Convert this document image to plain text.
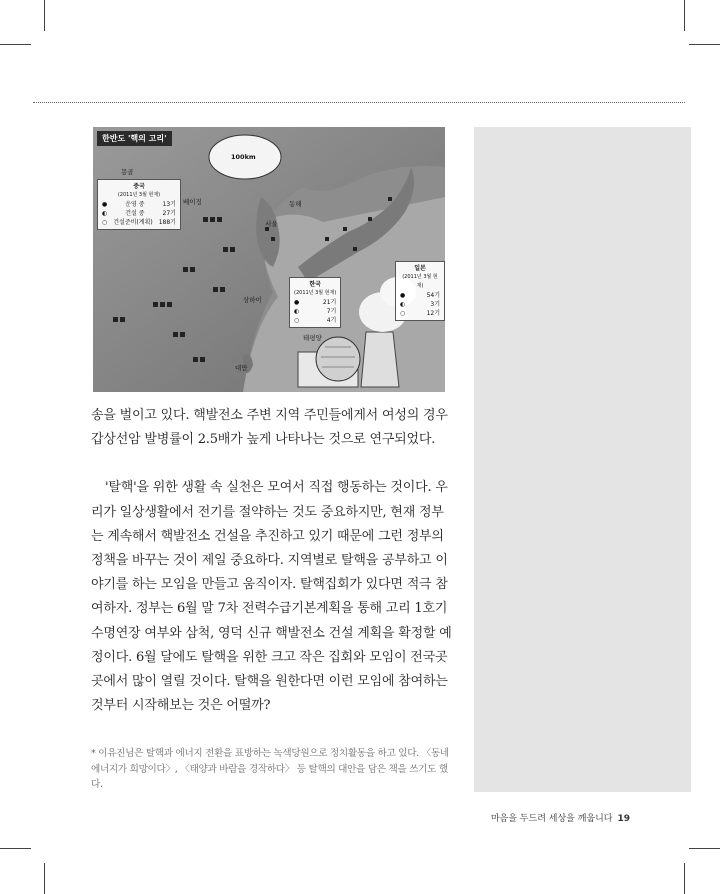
한반도 '핵의 고리'
100km
몽골
베이징
서울
동해
상하이
대만
태평양
중국
(2011년 3월 현재)
●	운영 중	13기
◐	건설 중	27기
○ 건설준비(계획) 188기
한국
(2011년 3월 현재)
●	21기
◐	7기
○	4기
일본
(2011년 3월 현재)
●	54기
◐	3기
○	12기

송을 벌이고 있다. 핵발전소 주변 지역 주민들에게서 여성의 경우 갑상선암 발병률이 2.5배가 높게 나타나는 것으로 연구되었다.

'탈핵'을 위한 생활 속 실천은 모여서 직접 행동하는 것이다. 우리가 일상생활에서 전기를 절약하는 것도 중요하지만, 현재 정부는 계속해서 핵발전소 건설을 추진하고 있기 때문에 그런 정부의 정책을 바꾸는 것이 제일 중요하다. 지역별로 탈핵을 공부하고 이야기를 하는 모임을 만들고 움직이자. 탈핵집회가 있다면 적극 참여하자. 정부는 6월 말 7차 전력수급기본계획을 통해 고리 1호기 수명연장 여부와 삼척, 영덕 신규 핵발전소 건설 계획을 확정할 예정이다. 6월 달에도 탈핵을 위한 크고 작은 집회와 모임이 전국곳곳에서 많이 열릴 것이다. 탈핵을 원한다면 이런 모임에 참여하는 것부터 시작해보는 것은 어떨까?

* 이유진님은 탈핵과 에너지 전환을 표방하는 녹색당원으로 정치활동을 하고 있다. 〈동네에너지가 희망이다〉, 〈태양과 바람을 경작하다〉 등 탈핵의 대안을 담은 책을 쓰기도 했다.
마음을 두드려 세상을 깨웁니다 19
